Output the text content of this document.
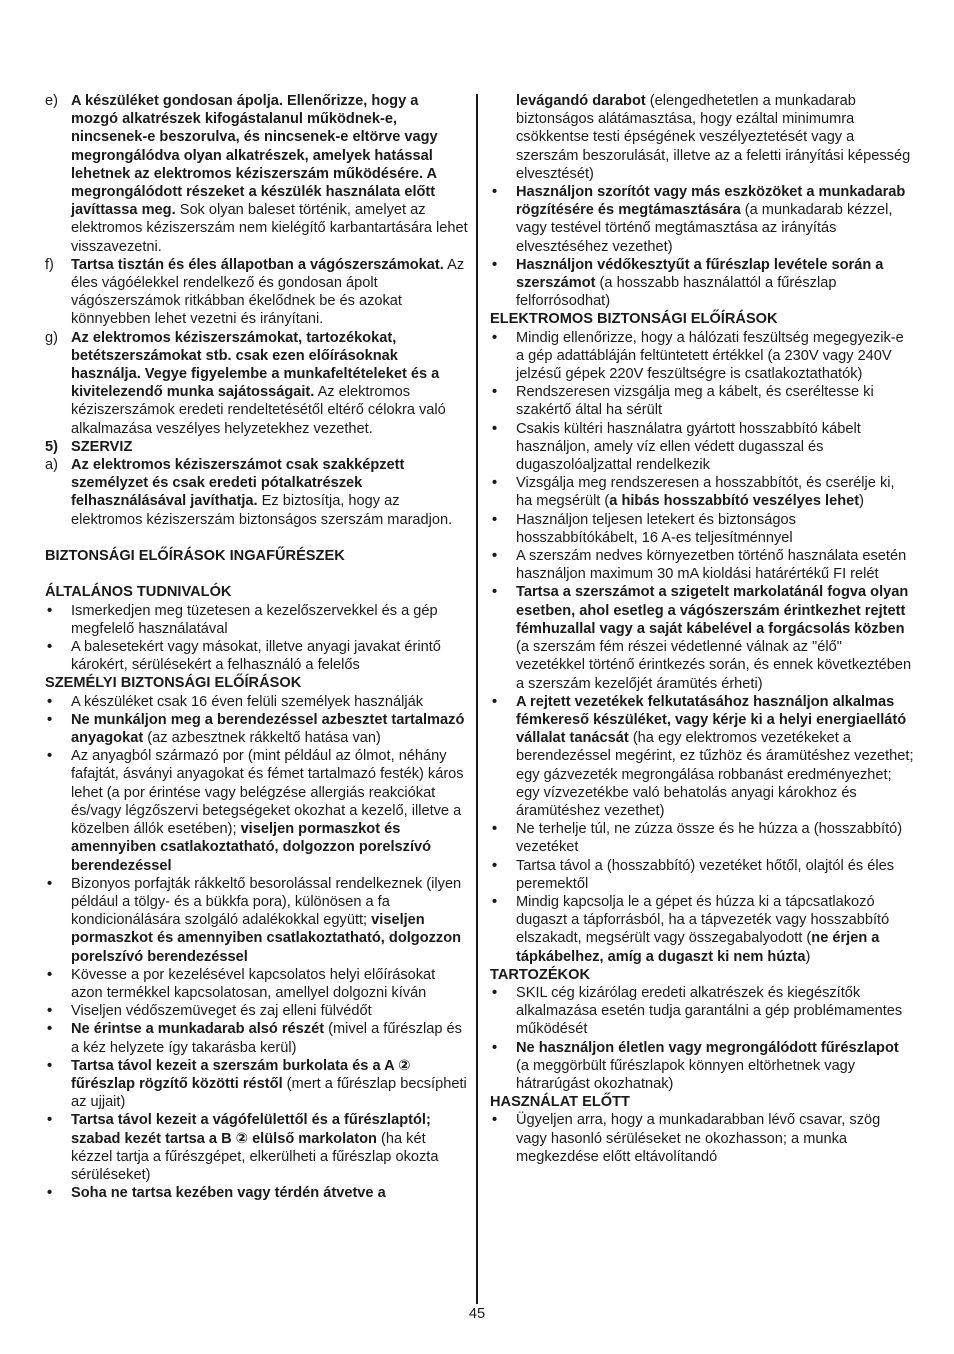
e) A készüléket gondosan ápolja. Ellenőrizze, hogy a mozgó alkatrészek kifogástalanul működnek-e, nincsenek-e beszorulva, és nincsenek-e eltörve vagy megrongálódva olyan alkatrészek, amelyek hatással lehetnek az elektromos kéziszerszám működésére. A megrongálódott részeket a készülék használata előtt javíttassa meg. Sok olyan baleset történik, amelyet az elektromos kéziszerszám nem kielégítő karbantartására lehet visszavezetni.
f) Tartsa tisztán és éles állapotban a vágószerszámokat. Az éles vágóélekkel rendelkező és gondosan ápolt vágószerszámok ritkábban ékelődnek be és azokat könnyebben lehet vezetni és irányítani.
g) Az elektromos kéziszerszámokat, tartozékokat, betétszerszámokat stb. csak ezen előírásoknak használja. Vegye figyelembe a munkafeltételeket és a kivitelezendő munka sajátosságait. Az elektromos kéziszerszámok eredeti rendeltetésétől eltérő célokra való alkalmazása veszélyes helyzetekhez vezethet.
5) SZERVIZ
a) Az elektromos kéziszerszámot csak szakképzett személyzet és csak eredeti pótalkatrészek felhasználásával javíthatja. Ez biztosítja, hogy az elektromos kéziszerszám biztonságos szerszám maradjon.
BIZTONSÁGI ELŐÍRÁSOK INGAFŰRÉSZEK
ÁLTALÁNOS TUDNIVALÓK
• Ismerkedjen meg tüzetesen a kezelőszervekkel és a gép megfelelő használatával
• A balesetekért vagy másokat, illetve anyagi javakat érintő károkért, sérülésekért a felhasználó a felelős
SZEMÉLYI BIZTONSÁGI ELŐÍRÁSOK
• A készüléket csak 16 éven felüli személyek használják
• Ne munkáljon meg a berendezéssel azbesztet tartalmazó anyagokat (az azbesztnek rákkeltő hatása van)
• Az anyagból származó por (mint például az ólmot, néhány fafajtát, ásványi anyagokat és fémet tartalmazó festék) káros lehet (a por érintése vagy belégzése allergiás reakciókat és/vagy légzőszervi betegségeket okozhat a kezelő, illetve a közelben állók esetében); viseljen pormaszkot és amennyiben csatlakoztatható, dolgozzon porelszívó berendezéssel
• Bizonyos porfajták rákkeltő besorolással rendelkeznek (ilyen például a tölgy- és a bükkfa pora), különösen a fa kondicionálására szolgáló adalékokkal együtt; viseljen pormaszkot és amennyiben csatlakoztatható, dolgozzon porelszívó berendezéssel
• Kövesse a por kezelésével kapcsolatos helyi előírásokat azon termékkel kapcsolatosan, amellyel dolgozni kíván
• Viseljen védőszemüveget és zaj elleni fülvédőt
• Ne érintse a munkadarab alsó részét (mivel a fűrészlap és a kéz helyzete így takarásba kerül)
• Tartsa távol kezeit a szerszám burkolata és a A ② fűrészlap rögzítő közötti réstől (mert a fűrészlap becsípheti az ujjait)
• Tartsa távol kezeit a vágófelülettől és a fűrészlaptól; szabad kezét tartsa a B ② elülső markolaton (ha két kézzel tartja a fűrészgépet, elkerülheti a fűrészlap okozta sérüléseket)
• Soha ne tartsa kezében vagy térdén átvetve a
levágandó darabot (elengedhetetlen a munkadarab biztonságos alátámasztása, hogy ezáltal minimumra csökkentse testi épségének veszélyeztetését vagy a szerszám beszorulását, illetve az a feletti irányítási képesség elvesztését)
• Használjon szorítót vagy más eszközöket a munkadarab rögzítésére és megtámasztására (a munkadarab kézzel, vagy testével történő megtámasztása az irányítás elvesztéséhez vezethet)
• Használjon védőkesztyűt a fűrészlap levétele során a szerszámot (a hosszabb használattól a fűrészlap felforrósodhat)
ELEKTROMOS BIZTONSÁGI ELŐÍRÁSOK
• Mindig ellenőrizze, hogy a hálózati feszültség megegyezik-e a gép adattábláján feltüntetett értékkel (a 230V vagy 240V jelzésű gépek 220V feszültségre is csatlakoztathatók)
• Rendszeresen vizsgálja meg a kábelt, és cseréltesse ki szakértő által ha sérült
• Csakis kültéri használatra gyártott hosszabbító kábelt használjon, amely víz ellen védett dugasszal és dugaszolóaljzattal rendelkezik
• Vizsgálja meg rendszeresen a hosszabbítót, és cserélje ki, ha megsérült (a hibás hosszabbító veszélyes lehet)
• Használjon teljesen letekert és biztonságos hosszabbítókábelt, 16 A-es teljesítménnyel
• A szerszám nedves környezetben történő használata esetén használjon maximum 30 mA kioldási határértékű FI relét
• Tartsa a szerszámot a szigetelt markolatánál fogva olyan esetben, ahol esetleg a vágószerszám érintkezhet rejtett fémhuzallal vagy a saját kábelével a forgácsolás közben (a szerszám fém részei védetlenné válnak az "élő" vezetékkel történő érintkezés során, és ennek következtében a szerszám kezelőjét áramütés érheti)
• A rejtett vezetékek felkutatásához használjon alkalmas fémkereső készüléket, vagy kérje ki a helyi energiaellátó vállalat tanácsát (ha egy elektromos vezetékeket a berendezéssel megérint, ez tűzhöz és áramütéshez vezethet; egy gázvezeték megrongálása robbanást eredményezhet; egy vízvezetékbe való behatolás anyagi károkhoz és áramütéshez vezethet)
• Ne terhelje túl, ne zúzza össze és he húzza a (hosszabbító) vezetéket
• Tartsa távol a (hosszabbító) vezetéket hőtől, olajtól és éles peremektől
• Mindig kapcsolja le a gépet és húzza ki a tápcsatlakozó dugaszt a tápforrásból, ha a tápvezeték vagy hosszabbító elszakadt, megsérült vagy összegabalyodott (ne érjen a tápkábelhez, amíg a dugaszt ki nem húzta)
TARTOZÉKOK
• SKIL cég kizárólag eredeti alkatrészek és kiegészítők alkalmazása esetén tudja garantálni a gép problémamentes működését
• Ne használjon életlen vagy megrongálódott fűrészlapot (a meggörbült fűrészlapok könnyen eltörhetnek vagy hátrarúgást okozhatnak)
HASZNÁLAT ELŐTT
• Ügyeljen arra, hogy a munkadarabban lévő csavar, szög vagy hasonló sérüléseket ne okozhasson; a munka megkezdése előtt eltávolítandó
45
